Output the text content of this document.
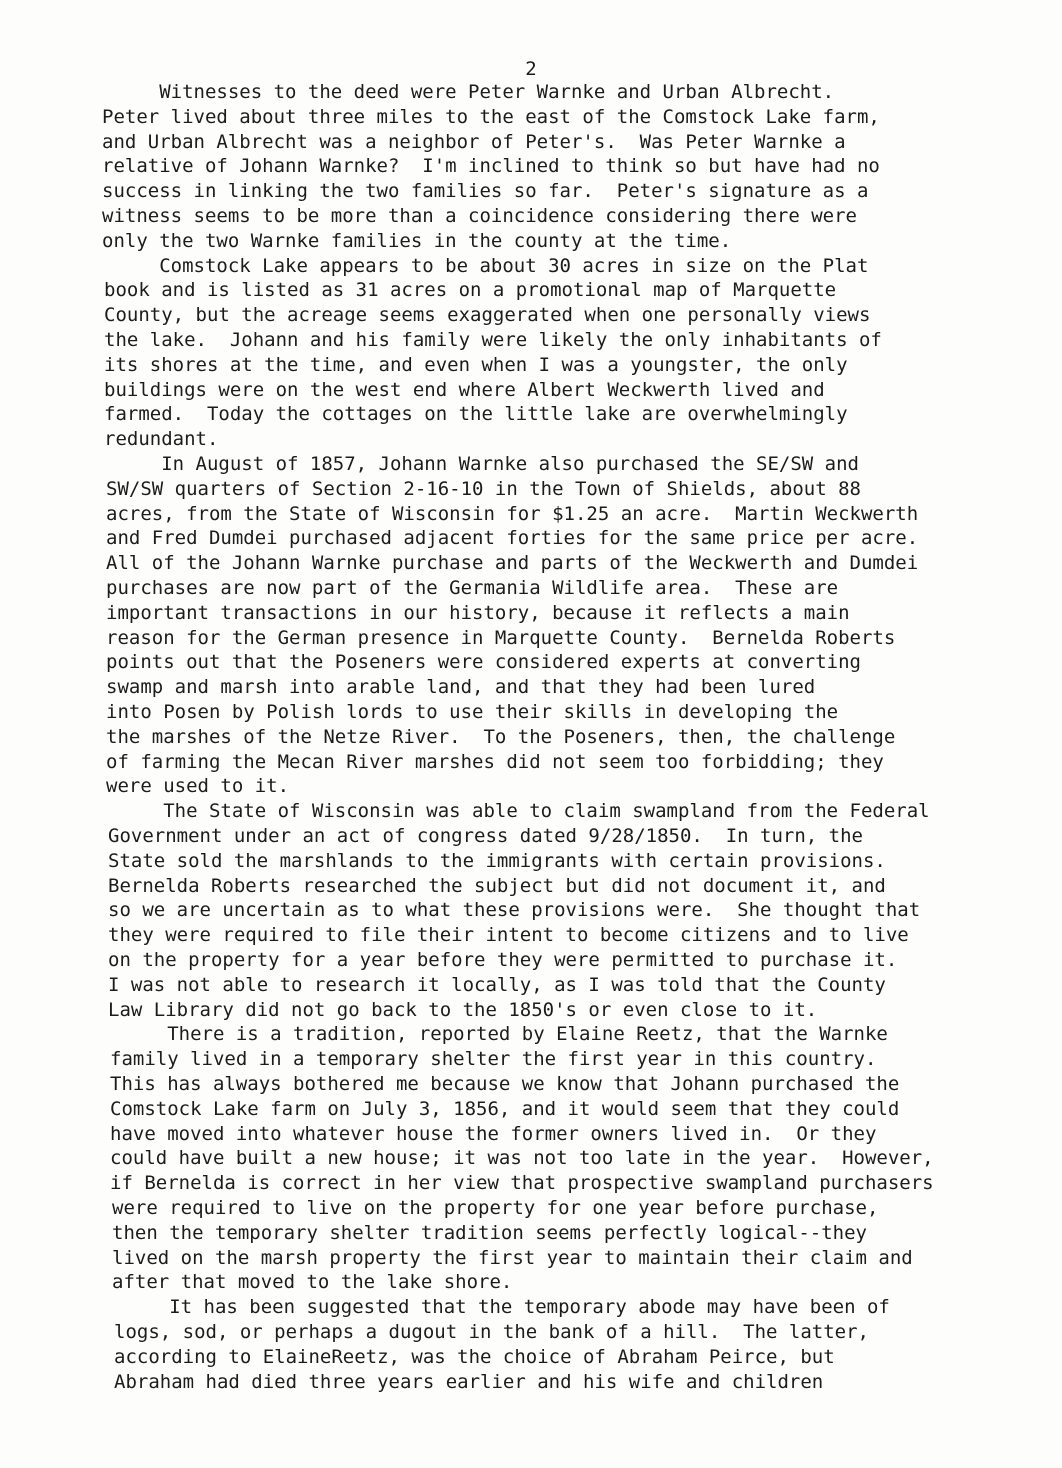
2
Witnesses to the deed were Peter Warnke and Urban Albrecht.
Peter lived about three miles to the east of the Comstock Lake farm,
and Urban Albrecht was a neighbor of Peter's.  Was Peter Warnke a
relative of Johann Warnke?  I'm inclined to think so but have had no
success in linking the two families so far.  Peter's signature as a
witness seems to be more than a coincidence considering there were
only the two Warnke families in the county at the time.
Comstock Lake appears to be about 30 acres in size on the Plat
book and is listed as 31 acres on a promotional map of Marquette
County, but the acreage seems exaggerated when one personally views
the lake.  Johann and his family were likely the only inhabitants of
its shores at the time, and even when I was a youngster, the only
buildings were on the west end where Albert Weckwerth lived and
farmed.  Today the cottages on the little lake are overwhelmingly
redundant.
In August of 1857, Johann Warnke also purchased the SE/SW and
SW/SW quarters of Section 2-16-10 in the Town of Shields, about 88
acres, from the State of Wisconsin for $1.25 an acre.  Martin Weckwerth
and Fred Dumdei purchased adjacent forties for the same price per acre.
All of the Johann Warnke purchase and parts of the Weckwerth and Dumdei
purchases are now part of the Germania Wildlife area.  These are
important transactions in our history, because it reflects a main
reason for the German presence in Marquette County.  Bernelda Roberts
points out that the Poseners were considered experts at converting
swamp and marsh into arable land, and that they had been lured
into Posen by Polish lords to use their skills in developing the
the marshes of the Netze River.  To the Poseners, then, the challenge
of farming the Mecan River marshes did not seem too forbidding; they
were used to it.
The State of Wisconsin was able to claim swampland from the Federal
Government under an act of congress dated 9/28/1850.  In turn, the
State sold the marshlands to the immigrants with certain provisions.
Bernelda Roberts researched the subject but did not document it, and
so we are uncertain as to what these provisions were.  She thought that
they were required to file their intent to become citizens and to live
on the property for a year before they were permitted to purchase it.
I was not able to research it locally, as I was told that the County
Law Library did not go back to the 1850's or even close to it.
There is a tradition, reported by Elaine Reetz, that the Warnke
family lived in a temporary shelter the first year in this country.
This has always bothered me because we know that Johann purchased the
Comstock Lake farm on July 3, 1856, and it would seem that they could
have moved into whatever house the former owners lived in.  Or they
could have built a new house; it was not too late in the year.  However,
if Bernelda is correct in her view that prospective swampland purchasers
were required to live on the property for one year before purchase,
then the temporary shelter tradition seems perfectly logical--they
lived on the marsh property the first year to maintain their claim and
after that moved to the lake shore.
It has been suggested that the temporary abode may have been of
logs, sod, or perhaps a dugout in the bank of a hill.  The latter,
according to ElaineReetz, was the choice of Abraham Peirce, but
Abraham had died three years earlier and his wife and children
